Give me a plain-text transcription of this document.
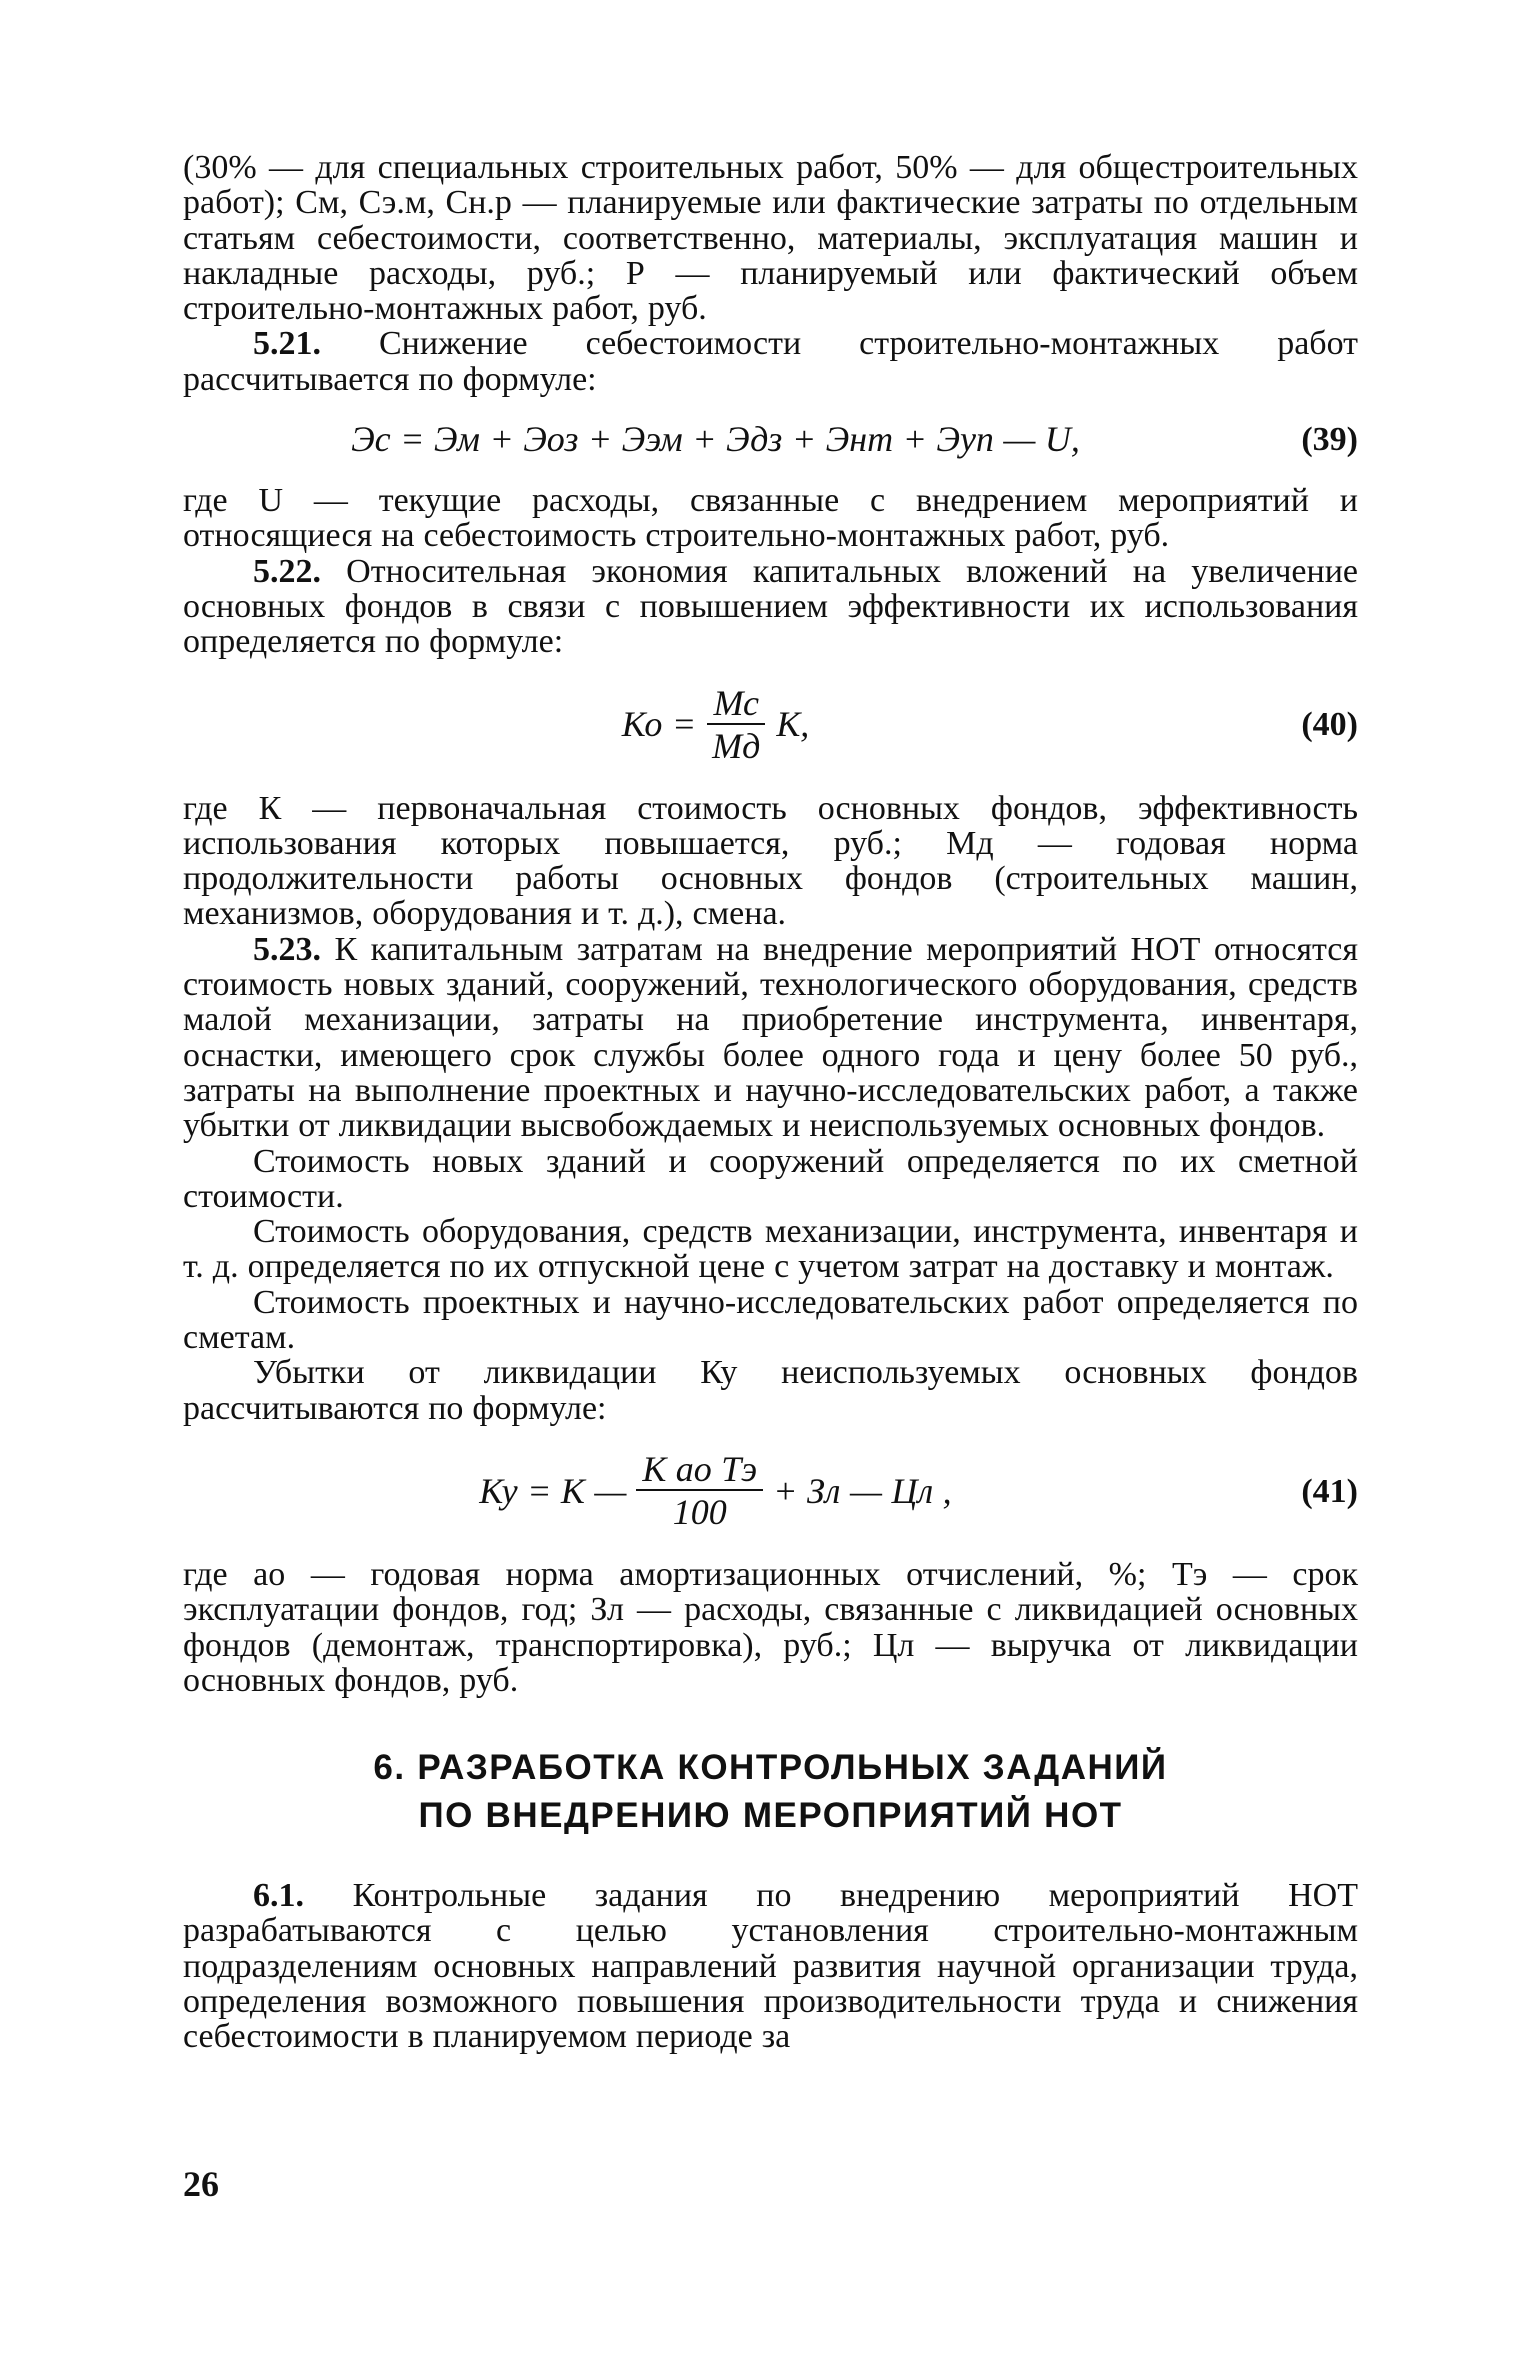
(30% — для специальных строительных работ, 50% — для общестроительных работ); См, Сэ.м, Сн.р — планируемые или фактические затраты по отдельным статьям себестоимости, соответственно, материалы, эксплуатация машин и накладные расходы, руб.; Р — планируемый или фактический объем строительно-монтажных работ, руб.

5.21. Снижение себестоимости строительно-монтажных работ рассчитывается по формуле:

Эс = Эм + Эоз + Ээм + Эдз + Энт + Эуп — U,	(39)

где U — текущие расходы, связанные с внедрением мероприятий и относящиеся на себестоимость строительно-монтажных работ, руб.

5.22. Относительная экономия капитальных вложений на увеличение основных фондов в связи с повышением эффективности их использования определяется по формуле:

Ко = $\frac{Мс}{Мд} К$,	(40)

где К — первоначальная стоимость основных фондов, эффективность использования которых повышается, руб.; Мд — годовая норма продолжительности работы основных фондов (строительных машин, механизмов, оборудования и т. д.), смена.

5.23. К капитальным затратам на внедрение мероприятий НОТ относятся стоимость новых зданий, сооружений, технологического оборудования, средств малой механизации, затраты на приобретение инструмента, инвентаря, оснастки, имеющего срок службы более одного года и цену более 50 руб., затраты на выполнение проектных и научно-исследовательских работ, а также убытки от ликвидации высвобождаемых и неиспользуемых основных фондов.

Стоимость новых зданий и сооружений определяется по их сметной стоимости.

Стоимость оборудования, средств механизации, инструмента, инвентаря и т. д. определяется по их отпускной цене с учетом затрат на доставку и монтаж.

Стоимость проектных и научно-исследовательских работ определяется по сметам.

Убытки от ликвидации Ку неиспользуемых основных фондов рассчитываются по формуле:

Ку = К — $\frac{\text{К aо Тэ}}{100}$ + Зл — Цл ,	(41)

где aо — годовая норма амортизационных отчислений, %; Тэ — срок эксплуатации фондов, год; Зл — расходы, связанные с ликвидацией основных фондов (демонтаж, транспортировка), руб.; Цл — выручка от ликвидации основных фондов, руб.

6. РАЗРАБОТКА КОНТРОЛЬНЫХ ЗАДАНИЙ
ПО ВНЕДРЕНИЮ МЕРОПРИЯТИЙ НОТ

6.1. Контрольные задания по внедрению мероприятий НОТ разрабатываются с целью установления строительно-монтажным подразделениям основных направлений развития научной организации труда, определения возможного повышения производительности труда и снижения себестоимости в планируемом периоде за

26
